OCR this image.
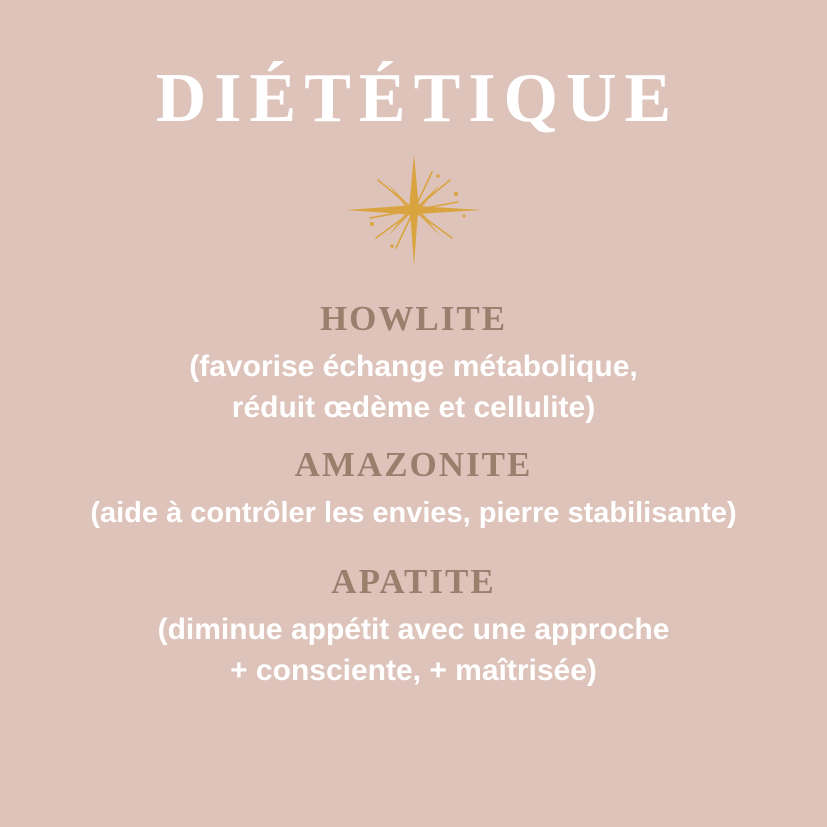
DIÉTÉTIQUE
HOWLITE
(favorise échange métabolique,
réduit œdème et cellulite)
AMAZONITE
(aide à contrôler les envies, pierre stabilisante)
APATITE
(diminue appétit avec une approche
+ consciente, + maîtrisée)
